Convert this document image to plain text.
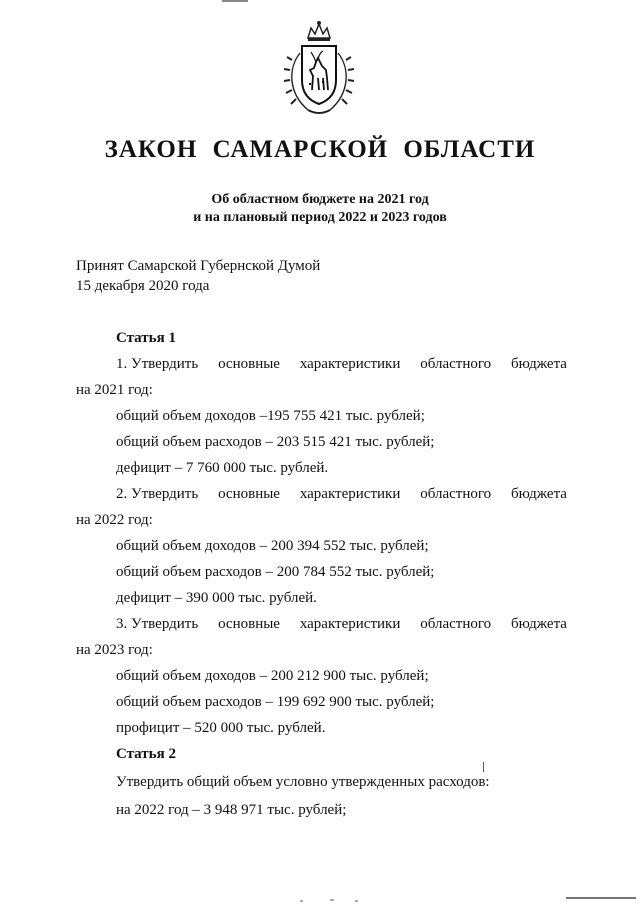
ЗАКОН САМАРСКОЙ ОБЛАСТИ
Об областном бюджете на 2021 год
и на плановый период 2022 и 2023 годов
Принят Самарской Губернской Думой
15 декабря 2020 года
Статья 1
1. Утвердить основные характеристики областного бюджета
на 2021 год:
общий объем доходов –195 755 421 тыс. рублей;
общий объем расходов – 203 515 421 тыс. рублей;
дефицит – 7 760 000 тыс. рублей.
2. Утвердить основные характеристики областного бюджета
на 2022 год:
общий объем доходов – 200 394 552 тыс. рублей;
общий объем расходов – 200 784 552 тыс. рублей;
дефицит – 390 000 тыс. рублей.
3. Утвердить основные характеристики областного бюджета
на 2023 год:
общий объем доходов – 200 212 900 тыс. рублей;
общий объем расходов – 199 692 900 тыс. рублей;
профицит – 520 000 тыс. рублей.
Статья 2
Утвердить общий объем условно утвержденных расходов:
на 2022 год – 3 948 971 тыс. рублей;
